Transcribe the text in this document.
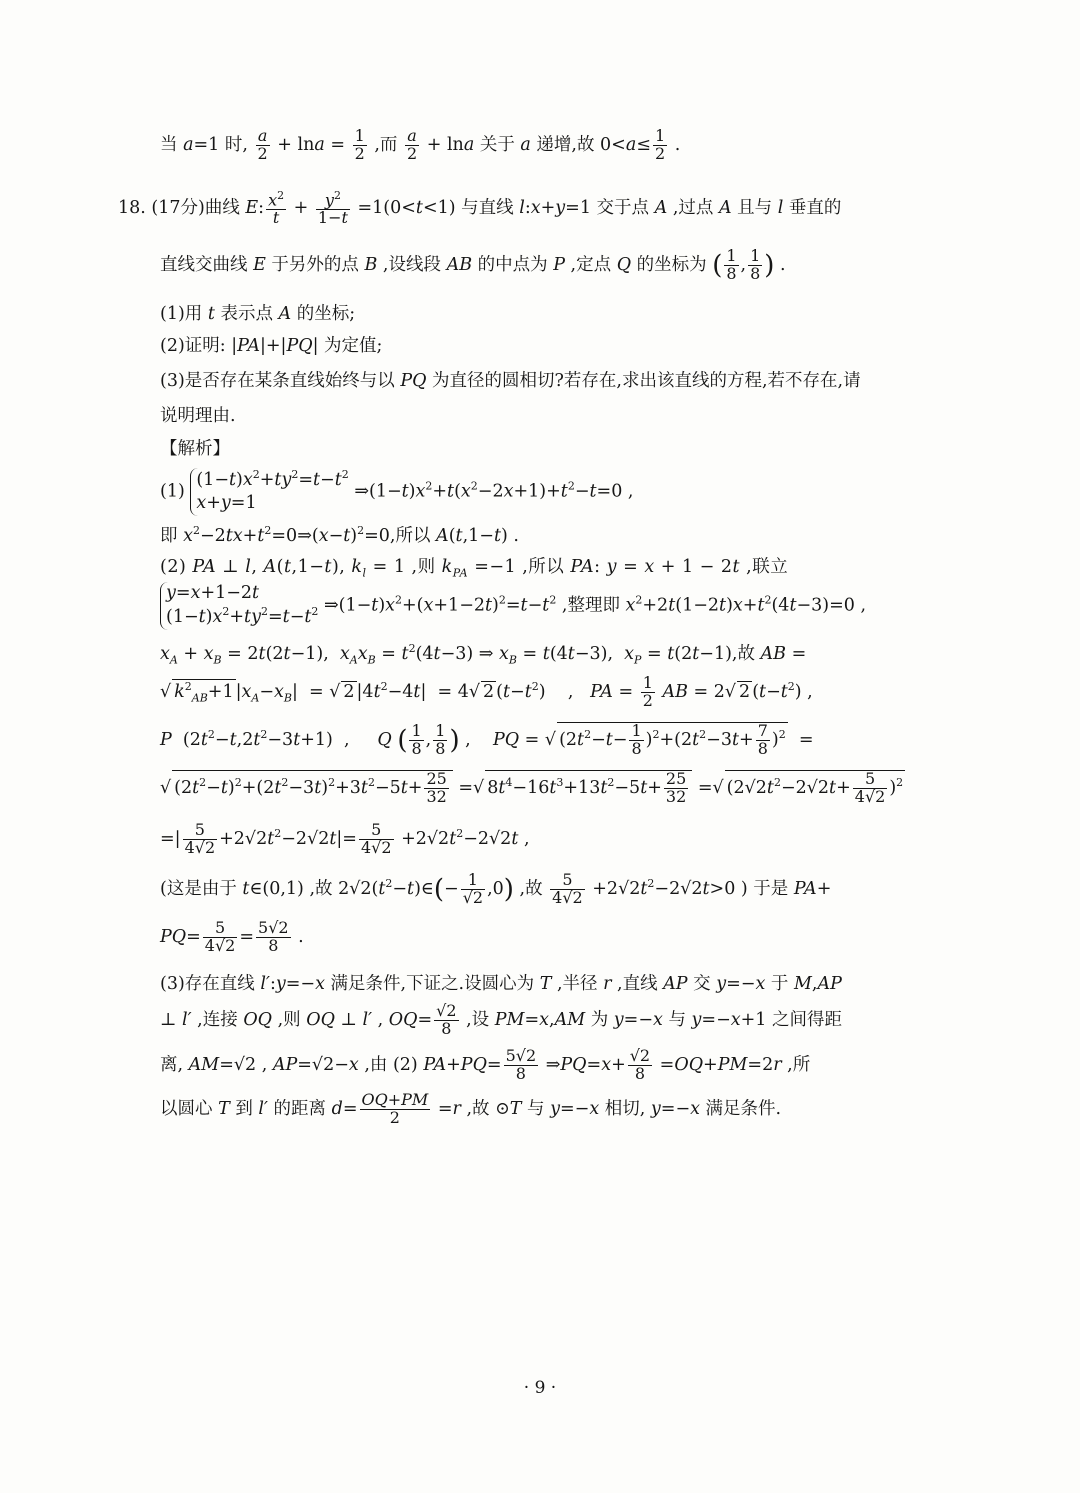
当 a=1 时, $\frac{a}{2} + \ln a = \frac{1}{2}$ ,而 $\frac{a}{2} + \ln a$ 关于 a 递增,故 $0<a\le \frac{1}{2}$ .
18. (17分)曲线 E: $\frac{x^2}{t} + \frac{y^2}{1-t} =1(0<t<1)$ 与直线 l:x+y=1 交于点 A ,过点 A 且与 l 垂直的
直线交曲线 E 于另外的点 B ,设线段 AB 的中点为 P ,定点 Q 的坐标为 ( $\frac{1}{8}$ , $\frac{1}{8}$ ) .
(1)用 t 表示点 A 的坐标;
(2)证明: |PA|+|PQ| 为定值;
(3)是否存在某条直线始终与以 PQ 为直径的圆相切?若存在,求出该直线的方程,若不存在,请
说明理由.
【解析】
(1) $(1-t)x^2+ty^2=t-t^2$
x+y=1 $\Rightarrow(1-t)x^2+t(x^2-2x+1)+t^2-t=0$ ,
即 $x^2-2tx+t^2=0\Rightarrow(x-t)^2=0$,所以 A(t,1−t) .
(2) PA ⊥ l, A(t,1−t), $k_l = 1$ ,则 $k_{PA} =-1$ ,所以 PA: y = x + 1 − 2t ,联立
y=x+1−2t
$(1-t)x^2+ty^2=t-t^2$ $\Rightarrow(1-t)x^2+(x+1-2t)^2=t-t^2$ ,整理即 $x^2+2t(1-2t)x+t^2(4t-3)=0$ ,
$x_A + x_B = 2t(2t-1)$,  $x_Ax_B = t^2(4t-3)$ ⇒ $x_B = t(4t-3)$,  $x_P = t(2t-1)$,故 AB =
√ $k^2_{AB}+1$ $|x_A-x_B|$  = √ 2 $|4t^2-4t| = 4√$ 2 $(t-t^2)$    ,   PA = $\frac{1}{2}$ AB = 2√ 2 $(t-t^2)$ ,
P  $(2t^2-t,2t^2-3t+1)$  ,     Q ( $\frac{1}{8}$ , $\frac{1}{8}$ ) ,    PQ = √ $(2t^2-t- \frac{1}{8} )^2+(2t^2-3t+ \frac{7}{8} )^2$  =
√ $(2t^2-t)^2+(2t^2-3t)^2+3t^2-5t+ \frac{25}{32}$ =√ $8t^4-16t^3+13t^2-5t+ \frac{25}{32}$ =√ $(2√2t^2-2√2t+ \frac{5}{4√2} )^2$
=| $\frac{5}{4√2} +2√2t^2-2√2t|= \frac{5}{4√2} +2√2t^2-2√2t$ ,
(这是由于 t∈(0,1) ,故 $2√2(t^2-t)\in(- \frac{1}{√2} ,0)$ ,故 $\frac{5}{4√2} +2√2t^2-2√2t>0$ ) 于是 PA+
$PQ= \frac{5}{4√2} = \frac{5√2}{8}$ .
(3)存在直线 l′:y=−x 满足条件,下证之.设圆心为 T ,半径 r ,直线 AP 交 y=−x 于 M,AP
⊥ l′ ,连接 OQ ,则 OQ ⊥ l′ , $OQ= \frac{√2}{8}$ ,设 PM=x,AM 为 y=−x 与 y=−x+1 之间得距
离, AM=√2 , AP=√2−x ,由 (2) $PA+PQ= \frac{5√2}{8}$ ⇒PQ=x+ $\frac{√2}{8} =OQ+PM=2r$ ,所
以圆心 T 到 l′ 的距离 $d= \frac{OQ+PM}{2} =r$ ,故 ⊙T 与 y=−x 相切, y=−x 满足条件.
· 9 ·
